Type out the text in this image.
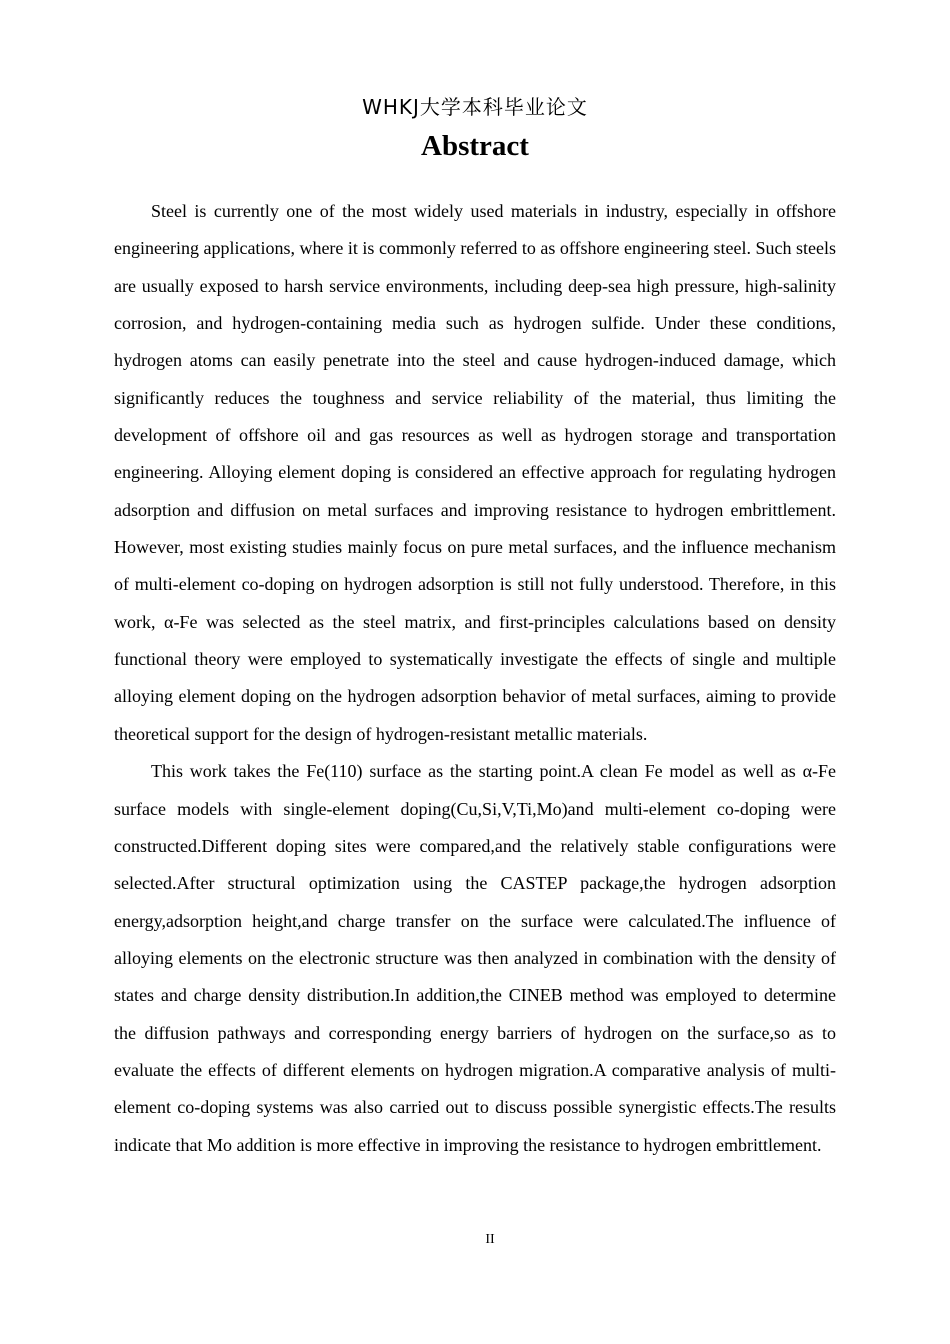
WHKJ大学本科毕业论文
Abstract

Steel is currently one of the most widely used materials in industry, especially in offshore engineering applications, where it is commonly referred to as offshore engineering steel. Such steels are usually exposed to harsh service environments, including deep-sea high pressure, high-salinity corrosion, and hydrogen-containing media such as hydrogen sulfide. Under these conditions, hydrogen atoms can easily penetrate into the steel and cause hydrogen-induced damage, which significantly reduces the toughness and service reliability of the material, thus limiting the development of offshore oil and gas resources as well as hydrogen storage and transportation engineering. Alloying element doping is considered an effective approach for regulating hydrogen adsorption and diffusion on metal surfaces and improving resistance to hydrogen embrittlement. However, most existing studies mainly focus on pure metal surfaces, and the influence mechanism of multi-element co-doping on hydrogen adsorption is still not fully understood. Therefore, in this work, α-Fe was selected as the steel matrix, and first-principles calculations based on density functional theory were employed to systematically investigate the effects of single and multiple alloying element doping on the hydrogen adsorption behavior of metal surfaces, aiming to provide theoretical support for the design of hydrogen-resistant metallic materials.

This work takes the Fe(110) surface as the starting point.A clean Fe model as well as α-Fe surface models with single-element doping(Cu,Si,V,Ti,Mo)and multi-element co-doping were constructed.Different doping sites were compared,and the relatively stable configurations were selected.After structural optimization using the CASTEP package,the hydrogen adsorption energy,adsorption height,and charge transfer on the surface were calculated.The influence of alloying elements on the electronic structure was then analyzed in combination with the density of states and charge density distribution.In addition,the CINEB method was employed to determine the diffusion pathways and corresponding energy barriers of hydrogen on the surface,so as to evaluate the effects of different elements on hydrogen migration.A comparative analysis of multi-element co-doping systems was also carried out to discuss possible synergistic effects.The results indicate that Mo addition is more effective in improving the resistance to hydrogen embrittlement.

II
